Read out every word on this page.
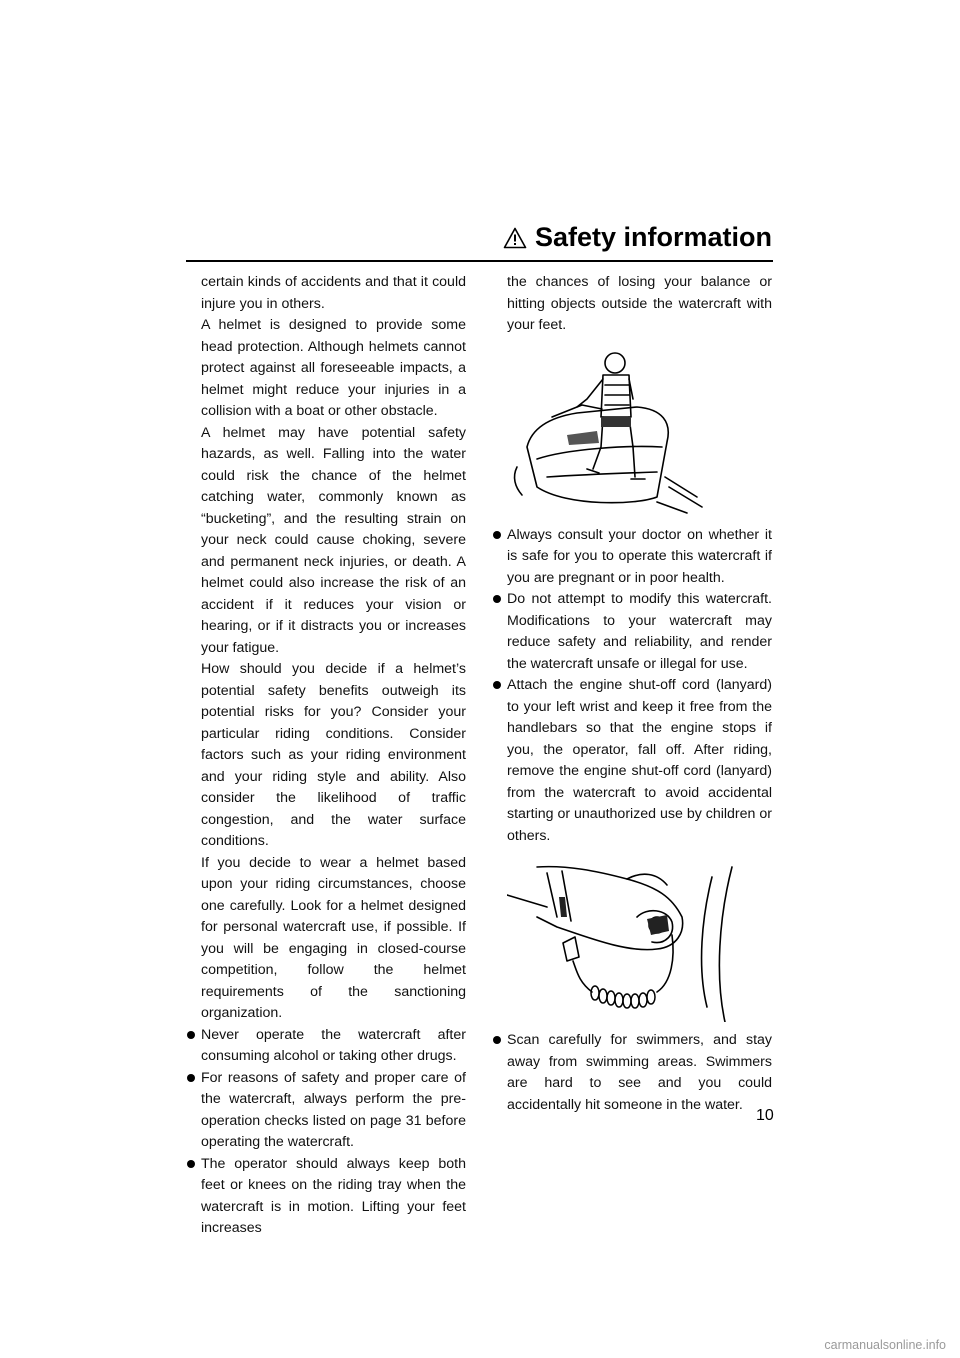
Safety information

certain kinds of accidents and that it could injure you in others.

A helmet is designed to provide some head protection. Although helmets cannot protect against all foreseeable impacts, a helmet might reduce your injuries in a collision with a boat or other obstacle.

A helmet may have potential safety hazards, as well. Falling into the water could risk the chance of the helmet catching water, commonly known as “bucketing”, and the resulting strain on your neck could cause choking, severe and permanent neck injuries, or death. A helmet could also increase the risk of an accident if it reduces your vision or hearing, or if it distracts you or increases your fatigue.

How should you decide if a helmet’s potential safety benefits outweigh its potential risks for you? Consider your particular riding conditions. Consider factors such as your riding environment and your riding style and ability. Also consider the likelihood of traffic congestion, and the water surface conditions.

If you decide to wear a helmet based upon your riding circumstances, choose one carefully. Look for a helmet designed for personal watercraft use, if possible. If you will be engaging in closed-course competition, follow the helmet requirements of the sanctioning organization.

Never operate the watercraft after consuming alcohol or taking other drugs.
For reasons of safety and proper care of the watercraft, always perform the pre-operation checks listed on page 31 before operating the watercraft.
The operator should always keep both feet or knees on the riding tray when the watercraft is in motion. Lifting your feet increases

the chances of losing your balance or hitting objects outside the watercraft with your feet.

Always consult your doctor on whether it is safe for you to operate this watercraft if you are pregnant or in poor health.
Do not attempt to modify this watercraft. Modifications to your watercraft may reduce safety and reliability, and render the watercraft unsafe or illegal for use.
Attach the engine shut-off cord (lanyard) to your left wrist and keep it free from the handlebars so that the engine stops if you, the operator, fall off. After riding, remove the engine shut-off cord (lanyard) from the watercraft to avoid accidental starting or unauthorized use by children or others.
Scan carefully for swimmers, and stay away from swimming areas. Swimmers are hard to see and you could accidentally hit someone in the water.
10
carmanualsonline.info
